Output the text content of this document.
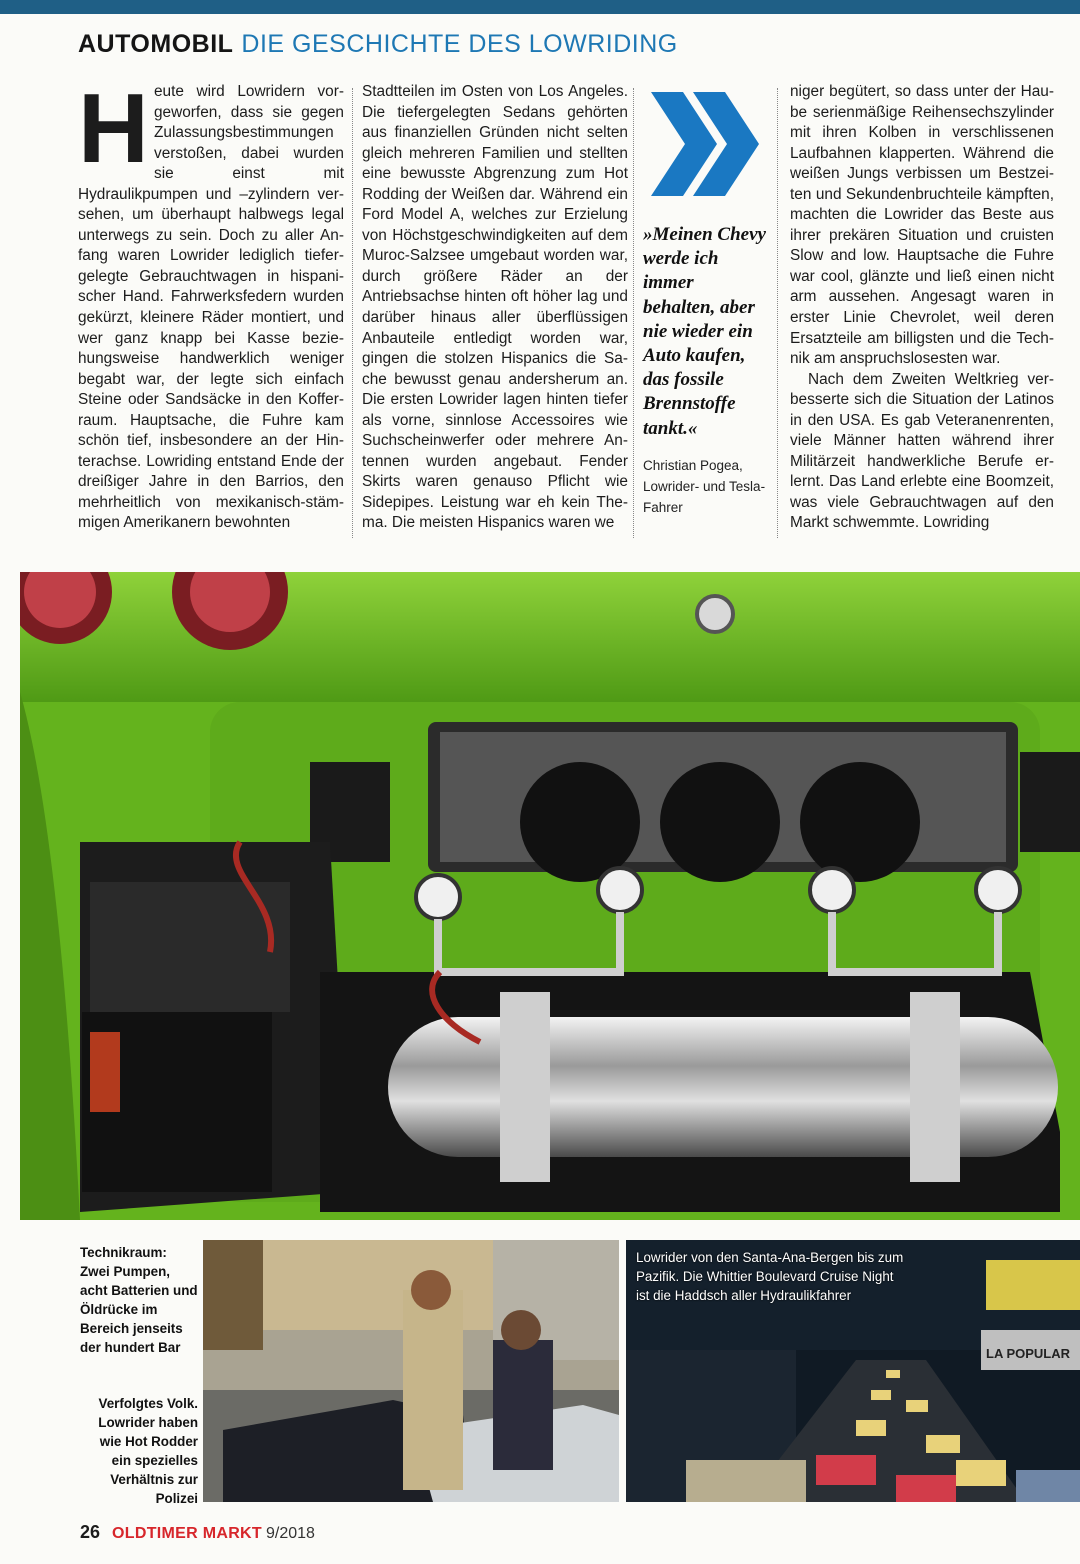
AUTOMOBIL DIE GESCHICHTE DES LOWRIDING
H eute wird Lowridern vorgeworfen, dass sie gegen Zulassungsbestimmungen verstoßen, dabei wurden sie einst mit Hydraulikpumpen und –zylindern versehen, um überhaupt halbwegs legal unterwegs zu sein. Doch zu aller Anfang waren Lowrider lediglich tiefergelegte Gebrauchtwagen in hispanischer Hand. Fahrwerksfedern wurden gekürzt, kleinere Räder montiert, und wer ganz knapp bei Kasse beziehungsweise handwerklich weniger begabt war, der legte sich einfach Steine oder Sandsäcke in den Kofferraum. Hauptsache, die Fuhre kam schön tief, insbesondere an der Hinterachse. Lowriding entstand Ende der dreißiger Jahre in den Barrios, den mehrheitlich von mexikanisch-stämmigen Amerikanern bewohnten

Stadtteilen im Osten von Los Angeles. Die tiefergelegten Sedans gehörten aus finanziellen Gründen nicht selten gleich mehreren Familien und stellten eine bewusste Abgrenzung zum Hot Rodding der Weißen dar. Während ein Ford Model A, welches zur Erzielung von Höchstgeschwindigkeiten auf dem Muroc-Salzsee umgebaut worden war, durch größere Räder an der Antriebsachse hinten oft höher lag und darüber hinaus aller überflüssigen Anbauteile entledigt worden war, gingen die stolzen Hispanics die Sache bewusst genau andersherum an. Die ersten Lowrider lagen hinten tiefer als vorne, sinnlose Accessoires wie Suchscheinwerfer oder mehrere Antennen wurden angebaut. Fender Skirts waren genauso Pflicht wie Sidepipes. Leistung war eh kein Thema. Die meisten Hispanics waren we

»Meinen Chevy werde ich immer behalten, aber nie wieder ein Auto kaufen, das fossile Brennstoffe tankt.«
Christian Pogea, Lowrider- und Tesla-Fahrer

niger begütert, so dass unter der Haube serienmäßige Reihensechszylinder mit ihren Kolben in verschlissenen Laufbahnen klapperten. Während die weißen Jungs verbissen um Bestzeiten und Sekundenbruchteile kämpften, machten die Lowrider das Beste aus ihrer prekären Situation und cruisten Slow and low. Hauptsache die Fuhre war cool, glänzte und ließ einen nicht arm aussehen. Angesagt waren in erster Linie Chevrolet, weil deren Ersatzteile am billigsten und die Technik am anspruchslosesten war.

Nach dem Zweiten Weltkrieg verbesserte sich die Situation der Latinos in den USA. Es gab Veteranenrenten, viele Männer hatten während ihrer Militärzeit handwerkliche Berufe erlernt. Das Land erlebte eine Boomzeit, was viele Gebrauchtwagen auf den Markt schwemmte. Lowriding

Technikraum: Zwei Pumpen, acht Batterien und Öldrücke im Bereich jenseits der hundert Bar
Verfolgtes Volk. Lowrider haben wie Hot Rodder ein spezielles Verhältnis zur Polizei
LA POPULAR
Lowrider von den Santa-Ana-Bergen bis zum Pazifik. Die Whittier Boulevard Cruise Night ist die Haddsch aller Hydraulikfahrer
26 OLDTIMER MARKT 9/2018
